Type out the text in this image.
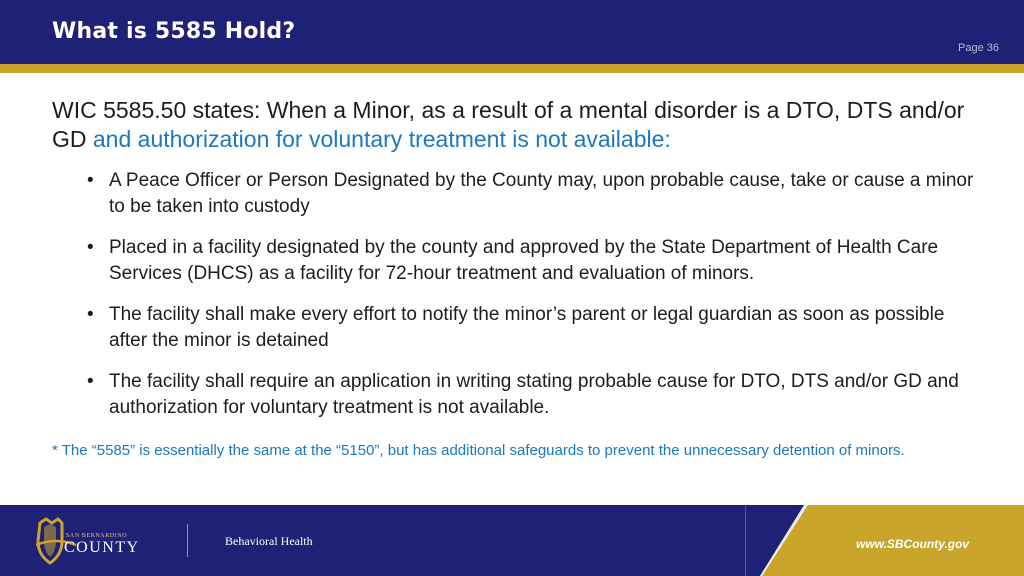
What is 5585 Hold?
Page 36

WIC 5585.50 states: When a Minor, as a result of a mental disorder is a DTO, DTS and/or GD and authorization for voluntary treatment is not available:

• A Peace Officer or Person Designated by the County may, upon probable cause, take or cause a minor to be taken into custody
• Placed in a facility designated by the county and approved by the State Department of Health Care Services (DHCS) as a facility for 72-hour treatment and evaluation of minors.
• The facility shall make every effort to notify the minor’s parent or legal guardian as soon as possible after the minor is detained
• The facility shall require an application in writing stating probable cause for DTO, DTS and/or GD and authorization for voluntary treatment is not available.

* The “5585” is essentially the same at the “5150”, but has additional safeguards to prevent the unnecessary detention of minors.

SAN BERNARDINO
COUNTY	Behavioral Health	www.SBCounty.gov
